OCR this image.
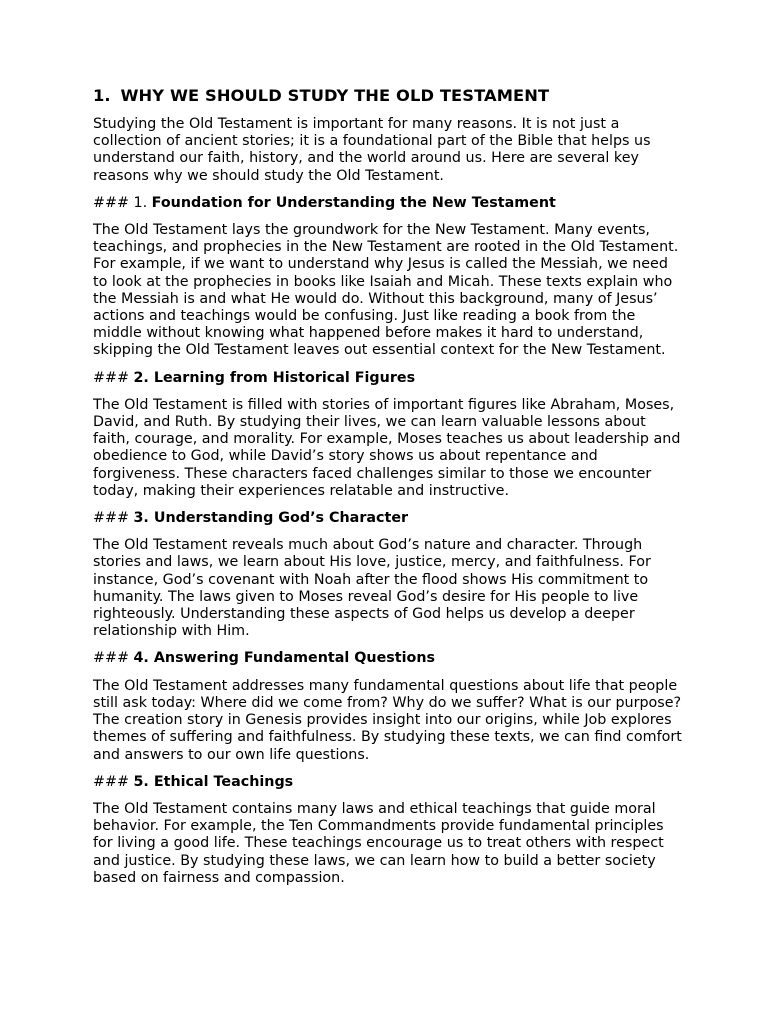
1. WHY WE SHOULD STUDY THE OLD TESTAMENT

Studying the Old Testament is important for many reasons. It is not just a collection of ancient stories; it is a foundational part of the Bible that helps us understand our faith, history, and the world around us. Here are several key reasons why we should study the Old Testament.

### 1. Foundation for Understanding the New Testament

The Old Testament lays the groundwork for the New Testament. Many events, teachings, and prophecies in the New Testament are rooted in the Old Testament. For example, if we want to understand why Jesus is called the Messiah, we need to look at the prophecies in books like Isaiah and Micah. These texts explain who the Messiah is and what He would do. Without this background, many of Jesus’ actions and teachings would be confusing. Just like reading a book from the middle without knowing what happened before makes it hard to understand, skipping the Old Testament leaves out essential context for the New Testament.

### 2. Learning from Historical Figures

The Old Testament is filled with stories of important figures like Abraham, Moses, David, and Ruth. By studying their lives, we can learn valuable lessons about faith, courage, and morality. For example, Moses teaches us about leadership and obedience to God, while David’s story shows us about repentance and forgiveness. These characters faced challenges similar to those we encounter today, making their experiences relatable and instructive.

### 3. Understanding God’s Character

The Old Testament reveals much about God’s nature and character. Through stories and laws, we learn about His love, justice, mercy, and faithfulness. For instance, God’s covenant with Noah after the flood shows His commitment to humanity. The laws given to Moses reveal God’s desire for His people to live righteously. Understanding these aspects of God helps us develop a deeper relationship with Him.

### 4. Answering Fundamental Questions

The Old Testament addresses many fundamental questions about life that people still ask today: Where did we come from? Why do we suffer? What is our purpose? The creation story in Genesis provides insight into our origins, while Job explores themes of suffering and faithfulness. By studying these texts, we can find comfort and answers to our own life questions.

### 5. Ethical Teachings

The Old Testament contains many laws and ethical teachings that guide moral behavior. For example, the Ten Commandments provide fundamental principles for living a good life. These teachings encourage us to treat others with respect and justice. By studying these laws, we can learn how to build a better society based on fairness and compassion.
